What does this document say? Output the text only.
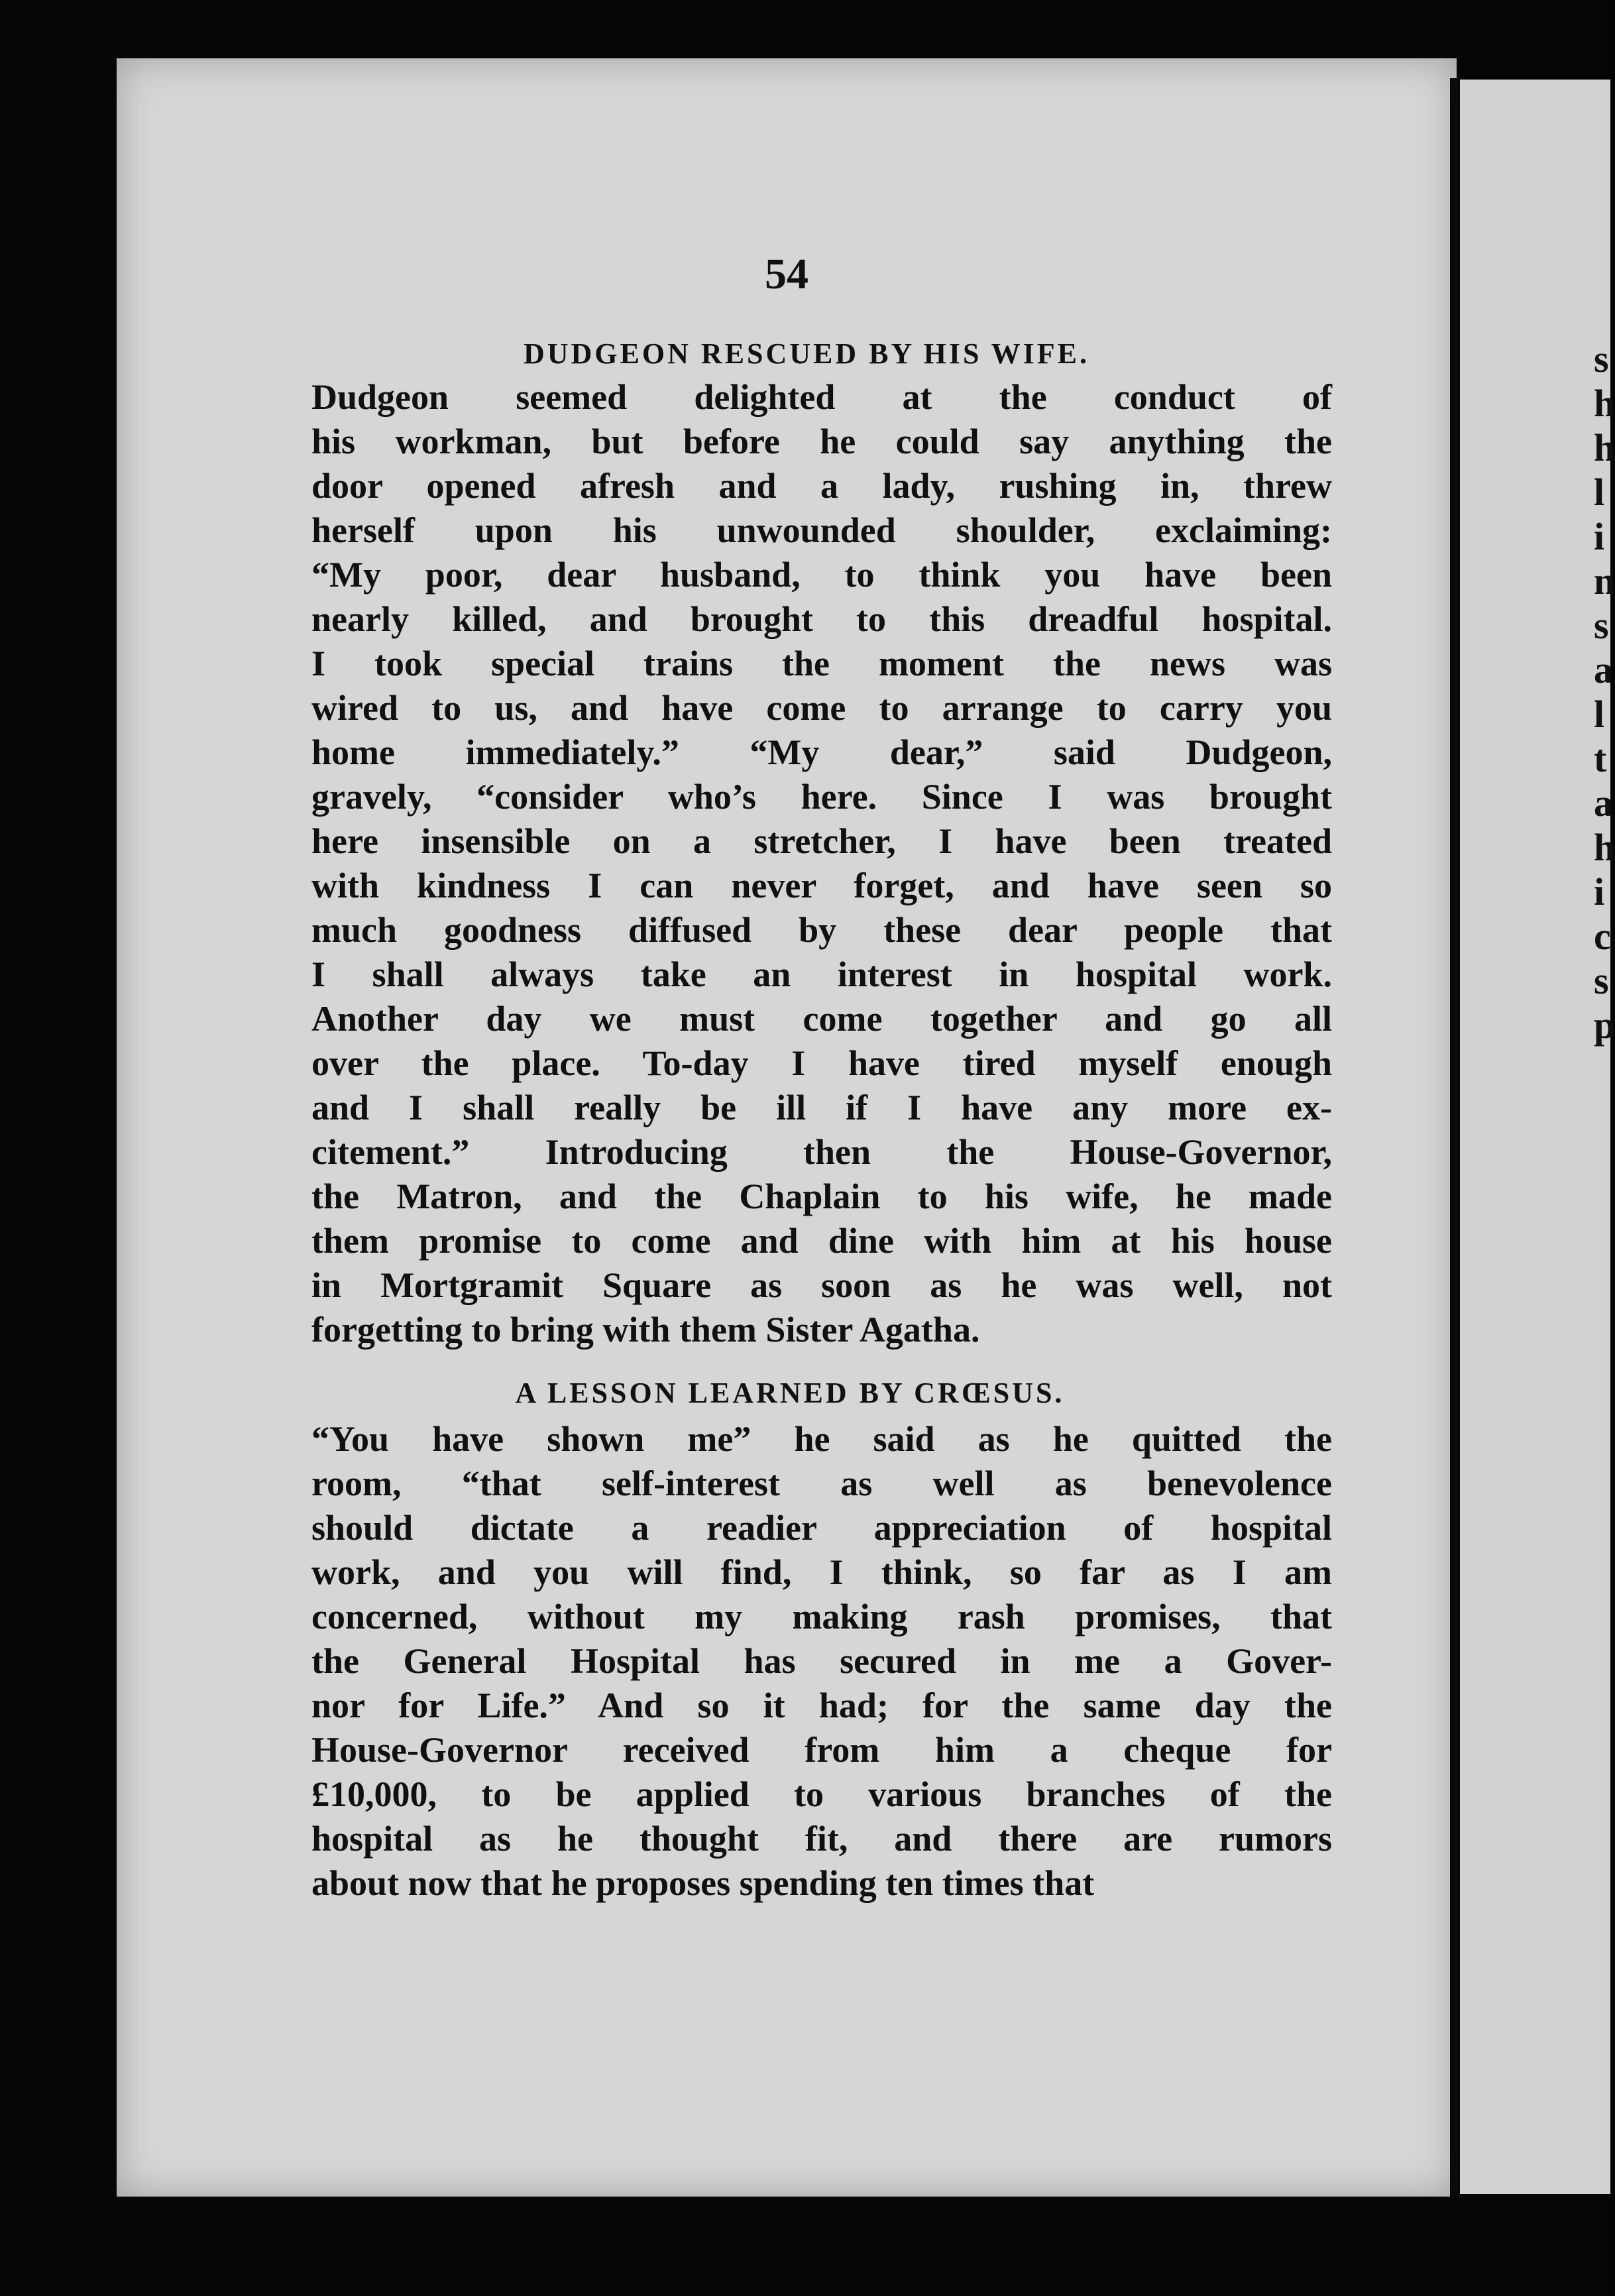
s
h
h
l
i
n
s
a
l
t
a
h
i
c
s
p
54
DUDGEON RESCUED BY HIS WIFE.
Dudgeon seemed delighted at the conduct of
his workman, but before he could say anything the
door opened afresh and a lady, rushing in, threw
herself upon his unwounded shoulder, exclaiming:
“My poor, dear husband, to think you have been
nearly killed, and brought to this dreadful hospital.
I took special trains the moment the news was
wired to us, and have come to arrange to carry you
home immediately.” “My dear,” said Dudgeon,
gravely, “consider who’s here. Since I was brought
here insensible on a stretcher, I have been treated
with kindness I can never forget, and have seen so
much goodness diffused by these dear people that
I shall always take an interest in hospital work.
Another day we must come together and go all
over the place. To-day I have tired myself enough
and I shall really be ill if I have any more ex-
citement.” Introducing then the House-Governor,
the Matron, and the Chaplain to his wife, he made
them promise to come and dine with him at his house
in Mortgramit Square as soon as he was well, not
forgetting to bring with them Sister Agatha.
A LESSON LEARNED BY CRŒSUS.
“You have shown me” he said as he quitted the
room, “that self-interest as well as benevolence
should dictate a readier appreciation of hospital
work, and you will find, I think, so far as I am
concerned, without my making rash promises, that
the General Hospital has secured in me a Gover-
nor for Life.” And so it had; for the same day the
House-Governor received from him a cheque for
£10,000, to be applied to various branches of the
hospital as he thought fit, and there are rumors
about now that he proposes spending ten times that
